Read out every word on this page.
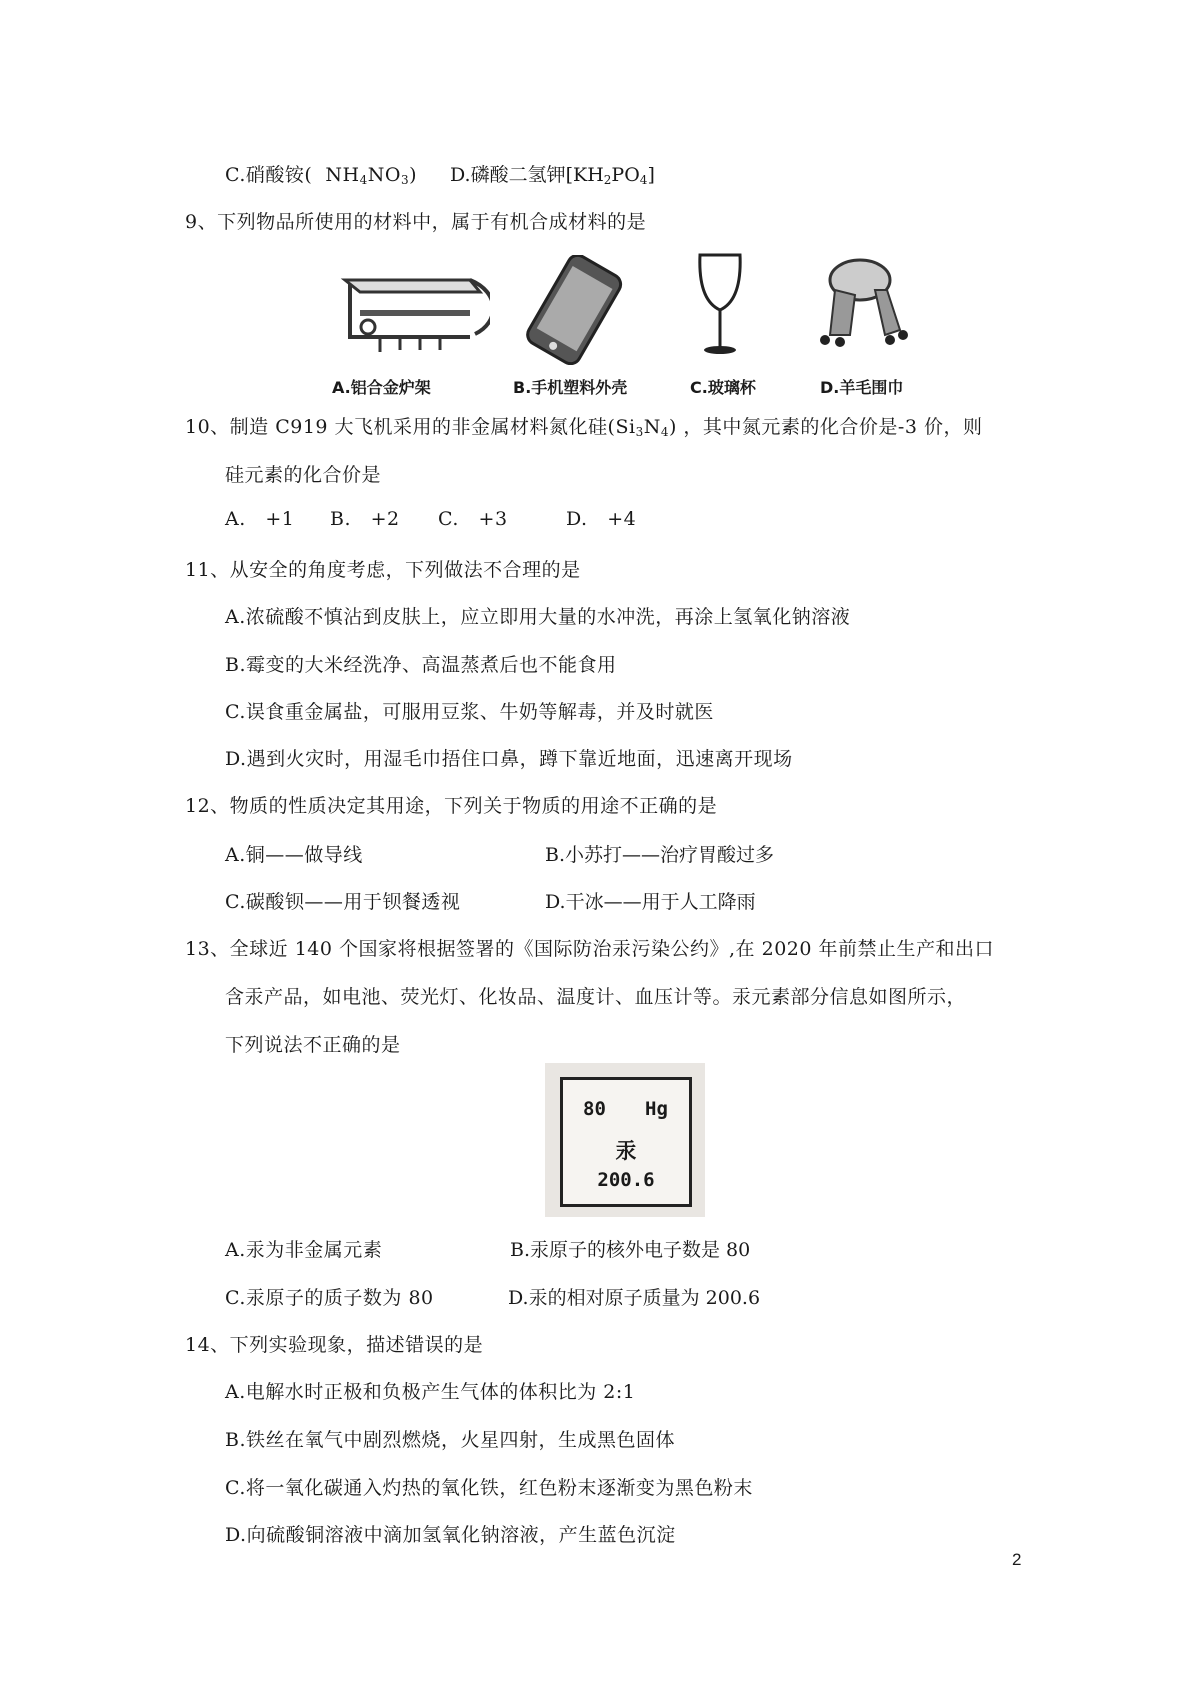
C.硝酸铵( $NH_4NO_3$) D.磷酸二氢钾$[KH_2PO_4]$
9、下列物品所使用的材料中，属于有机合成材料的是
A.铝合金炉架	B.手机塑料外壳	C.玻璃杯	D.羊毛围巾
10、制造 C919 大飞机采用的非金属材料氮化硅$(Si_3N_4)$ ，其中氮元素的化合价是-3 价，则
硅元素的化合价是
A.   +1 B.   +2 C.   +3	D.   +4
11、从安全的角度考虑，下列做法不合理的是
A.浓硫酸不慎沾到皮肤上，应立即用大量的水冲洗，再涂上氢氧化钠溶液
B.霉变的大米经洗净、高温蒸煮后也不能食用
C.误食重金属盐，可服用豆浆、牛奶等解毒，并及时就医
D.遇到火灾时，用湿毛巾捂住口鼻，蹲下靠近地面，迅速离开现场
12、物质的性质决定其用途，下列关于物质的用途不正确的是
A.铜——做导线	B.小苏打——治疗胃酸过多
C.碳酸钡——用于钡餐透视	D.干冰——用于人工降雨
13、全球近 140 个国家将根据签署的《国际防治汞污染公约》,在 2020 年前禁止生产和出口
含汞产品，如电池、荧光灯、化妆品、温度计、血压计等。汞元素部分信息如图所示，
下列说法不正确的是
80 Hg
汞
200.6
A.汞为非金属元素	B.汞原子的核外电子数是 80
C.汞原子的质子数为 80	D.汞的相对原子质量为 200.6
14、下列实验现象，描述错误的是
A.电解水时正极和负极产生气体的体积比为 2:1
B.铁丝在氧气中剧烈燃烧，火星四射，生成黑色固体
C.将一氧化碳通入灼热的氧化铁，红色粉末逐渐变为黑色粉末
D.向硫酸铜溶液中滴加氢氧化钠溶液，产生蓝色沉淀
2
